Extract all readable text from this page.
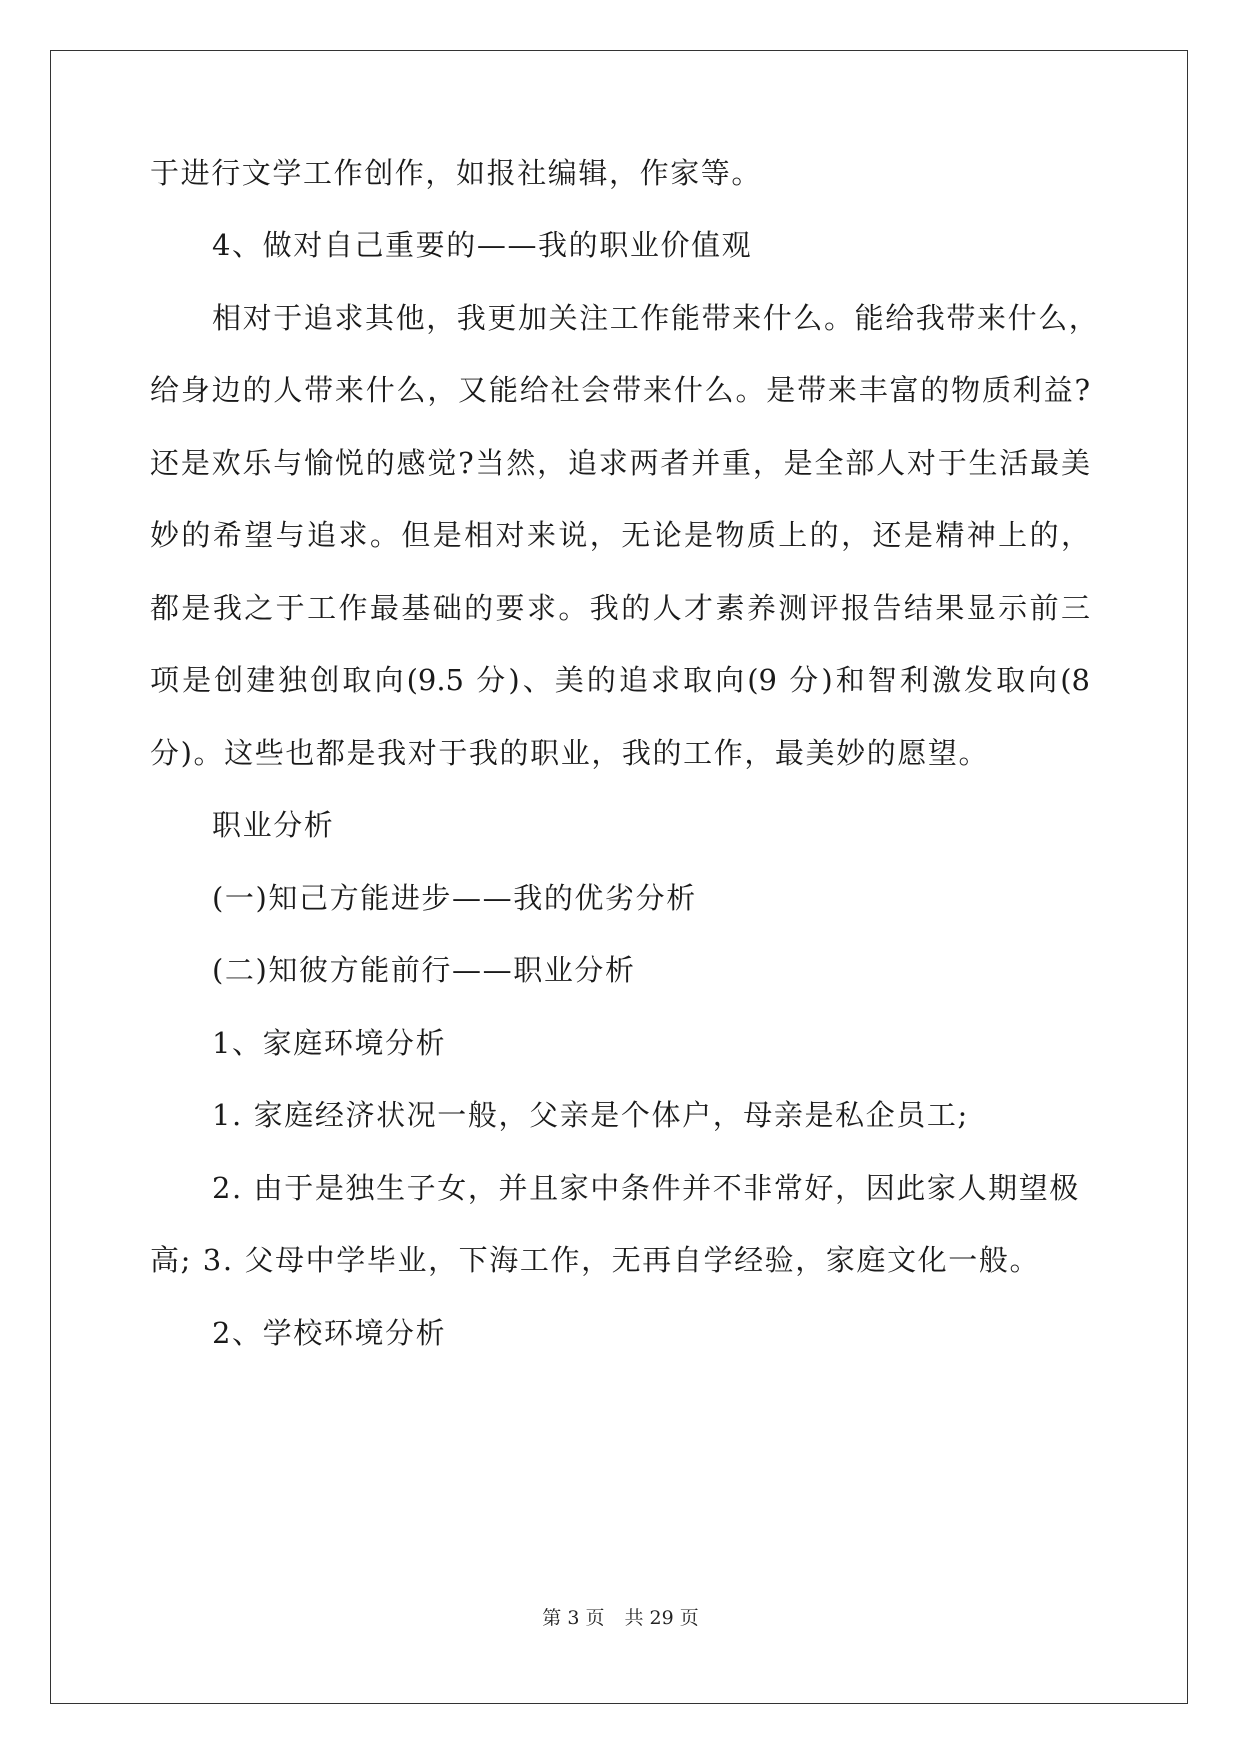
于进行文学工作创作，如报社编辑，作家等。
4、做对自己重要的——我的职业价值观
相对于追求其他，我更加关注工作能带来什么。能给我带来什么，
给身边的人带来什么，又能给社会带来什么。是带来丰富的物质利益?
还是欢乐与愉悦的感觉?当然，追求两者并重，是全部人对于生活最美
妙的希望与追求。但是相对来说，无论是物质上的，还是精神上的，
都是我之于工作最基础的要求。我的人才素养测评报告结果显示前三
项是创建独创取向(9.5 分)、美的追求取向(9 分)和智利激发取向(8
分)。这些也都是我对于我的职业，我的工作，最美妙的愿望。
职业分析
(一)知己方能进步——我的优劣分析
(二)知彼方能前行——职业分析
1、家庭环境分析
1. 家庭经济状况一般，父亲是个体户，母亲是私企员工;
2. 由于是独生子女，并且家中条件并不非常好，因此家人期望极
高; 3. 父母中学毕业，下海工作，无再自学经验，家庭文化一般。
2、学校环境分析
第 3 页 共 29 页
